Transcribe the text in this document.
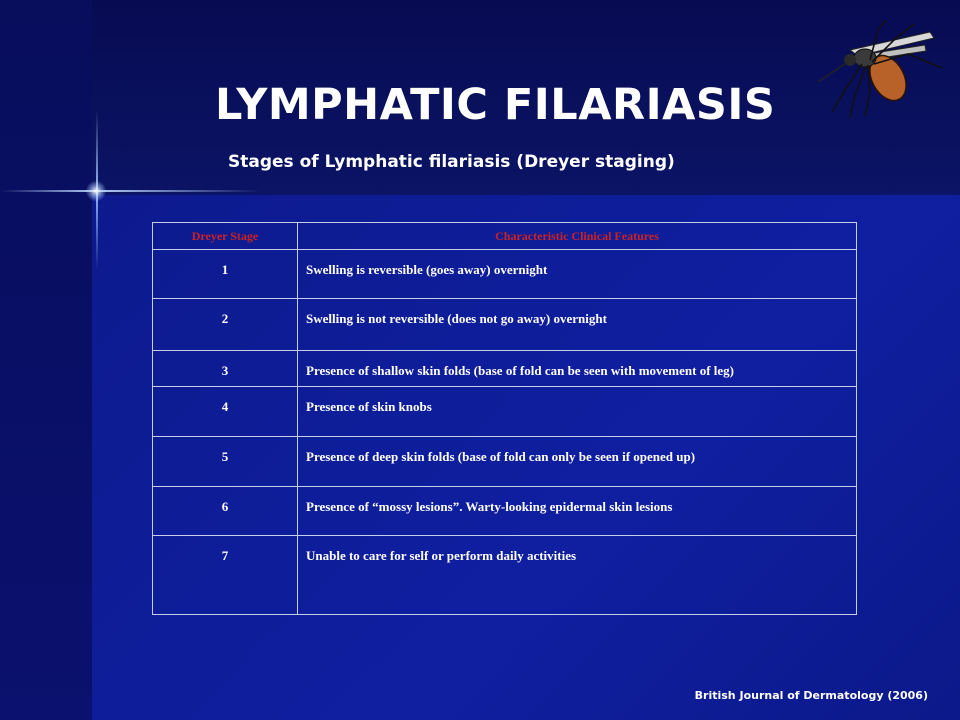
LYMPHATIC FILARIASIS
Stages of Lymphatic filariasis (Dreyer staging)
Dreyer Stage	Characteristic Clinical Features
1	Swelling is reversible (goes away) overnight
2	Swelling is not reversible (does not go away) overnight
3	Presence of shallow skin folds (base of fold can be seen with movement of leg)
4	Presence of skin knobs
5	Presence of deep skin folds (base of fold can only be seen if opened up)
6	Presence of “mossy lesions”. Warty-looking epidermal skin lesions
7	Unable to care for self or perform daily activities
British Journal of Dermatology (2006)
